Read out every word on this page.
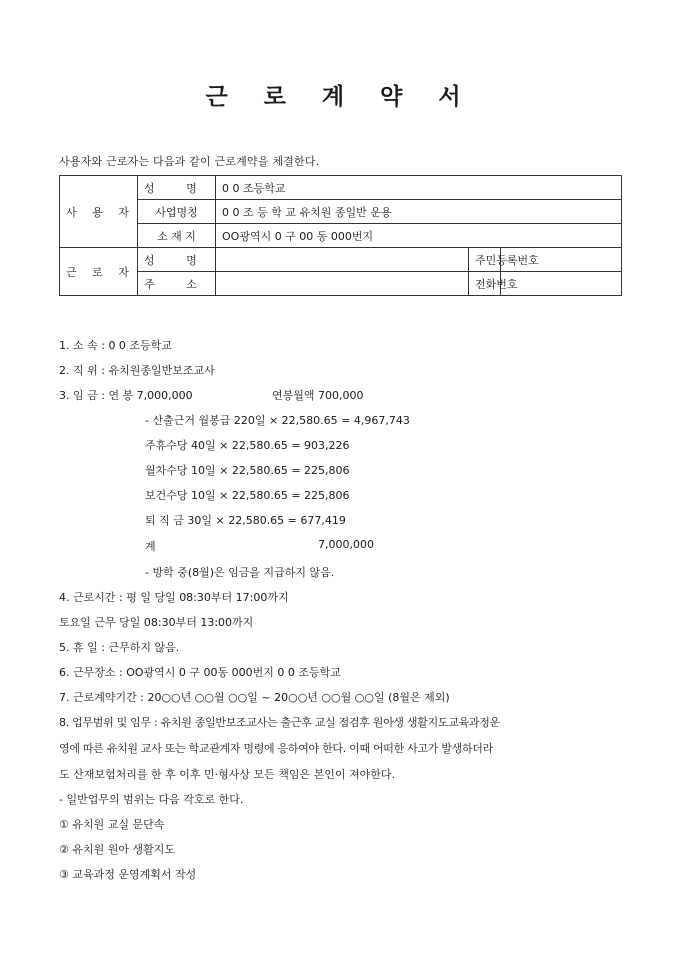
근 로 계 약 서
사용자와 근로자는 다음과 같이 근로계약을 체결한다.
사 용 자	성 명	0 0 조등학교		
	사업명칭	0 0 조 등 학 교 유치원 종일반 운용		
	소 재 지	OO광역시 0 구 00 동 000번지		
근 로 자	성 명		주민등록번호	
	주 소		전화번호	
1. 소 속 : 0 0 조등학교
2. 직 위 : 유치원종일반보조교사
3. 임 금 : 연 봉 7,000,000	연봉월액 700,000
- 산출근거 월봉급 220일 × 22,580.65 = 4,967,743
주휴수당 40일 × 22,580.65 = 903,226
월차수당 10일 × 22,580.65 = 225,806
보건수당 10일 × 22,580.65 = 225,806
퇴 직 금 30일 × 22,580.65 = 677,419
계	7,000,000
- 방학 중(8월)은 임금을 지급하지 않음.
4. 근로시간 : 평 일 당일 08:30부터 17:00까지
토요일 근무 당일 08:30부터 13:00까지
5. 휴 일 : 근무하지 않음.
6. 근무장소 : OO광역시 0 구 00동 000번지 0 0 조등학교
7. 근로계약기간 : 20○○년 ○○월 ○○일 ~ 20○○년 ○○월 ○○일 (8월은 제외)
8. 업무범위 및 임무 : 유치원 종일반보조교사는 출근후 교실 점검후 원아생 생활지도교육과정운
영에 따른 유치원 교사 또는 학교관계자 명령에 응하여야 한다. 이때 어떠한 사고가 발생하더라
도 산재보험처리를 한 후 이후 민·형사상 모든 책임은 본인이 져야한다.
- 일반업무의 범위는 다음 각호로 한다.
① 유치원 교실 문단속
② 유치원 원아 생활지도
③ 교육과정 운영계획서 작성
